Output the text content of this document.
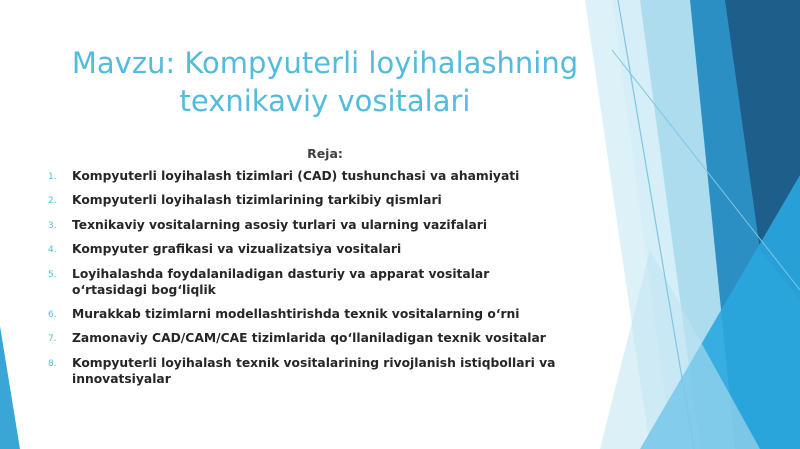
Mavzu: Kompyuterli loyihalashning
texnikaviy vositalari
Reja:
1. Kompyuterli loyihalash tizimlari (CAD) tushunchasi va ahamiyati
2. Kompyuterli loyihalash tizimlarining tarkibiy qismlari
3. Texnikaviy vositalarning asosiy turlari va ularning vazifalari
4. Kompyuter grafikasi va vizualizatsiya vositalari
5. Loyihalashda foydalaniladigan dasturiy va apparat vositalar o‘rtasidagi bog‘liqlik
6. Murakkab tizimlarni modellashtirishda texnik vositalarning o‘rni
7. Zamonaviy CAD/CAM/CAE tizimlarida qo‘llaniladigan texnik vositalar
8. Kompyuterli loyihalash texnik vositalarining rivojlanish istiqbollari va innovatsiyalar
